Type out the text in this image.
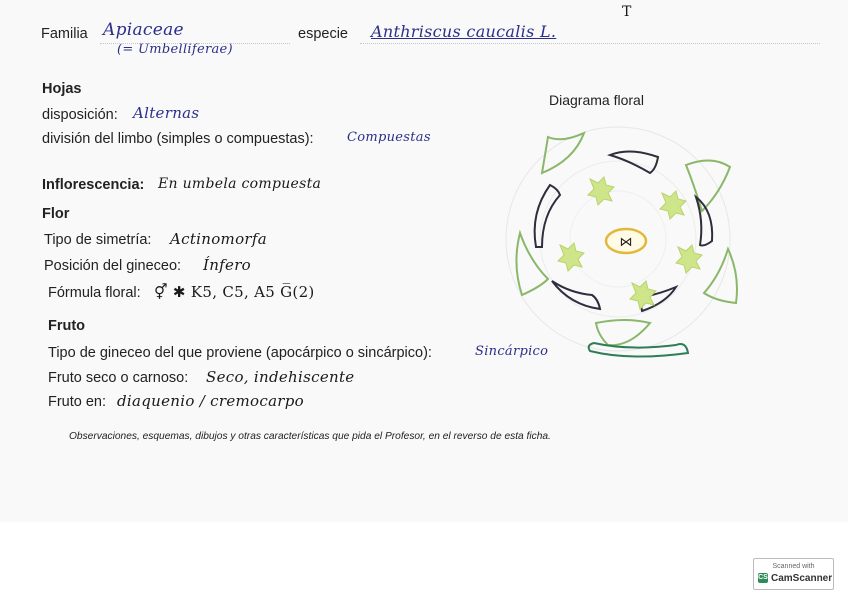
Familia Apiaceae
(= Umbelliferae)
especie Anthriscus caucalis L.
T
Hojas
disposición: Alternas
división del limbo (simples o compuestas):	Compuestas
Inflorescencia: En umbela compuesta
Flor
Tipo de simetría: Actinomorfa
Posición del gineceo: Ínfero
Fórmula floral: ⚥ ✱ K5, C5, A5 G̅(2)
Fruto
Tipo de gineceo del que proviene (apocárpico o sincárpico):	Sincárpico
Fruto seco o carnoso: Seco, indehiscente
Fruto en: diaquenio / cremocarpo
Diagrama floral
⋈
Observaciones, esquemas, dibujos y otras características que pida el Profesor, en el reverso de esta ficha.
Scanned with
CS CamScanner
